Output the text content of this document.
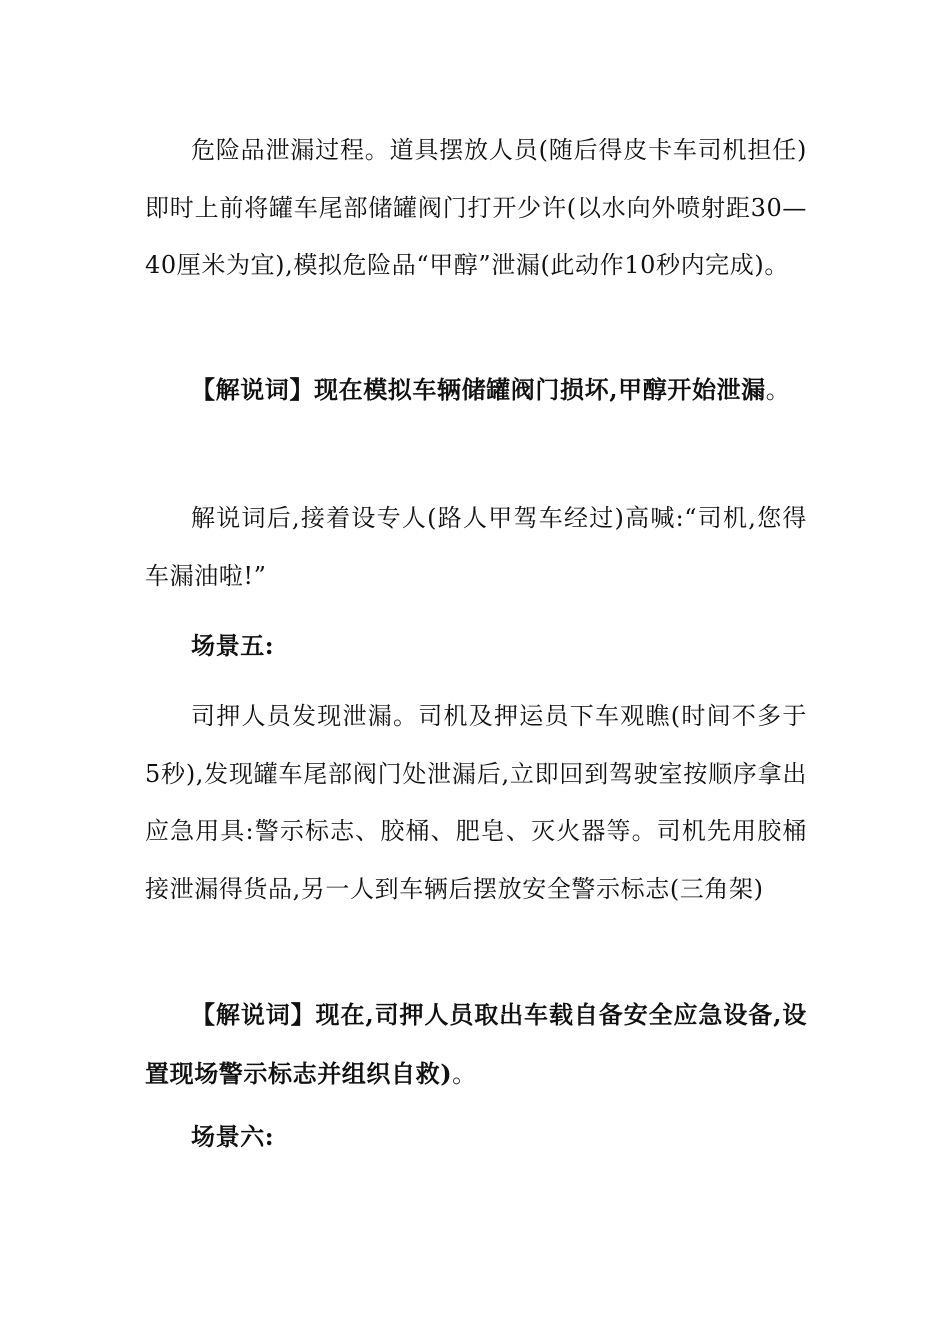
危险品泄漏过程。道具摆放人员(随后得皮卡车司机担任)即时上前将罐车尾部储罐阀门打开少许(以水向外喷射距30—40厘米为宜),模拟危险品“甲醇”泄漏(此动作10秒内完成)。

【解说词】现在模拟车辆储罐阀门损坏,甲醇开始泄漏。

解说词后,接着设专人(路人甲驾车经过)高喊:“司机,您得车漏油啦!”

场景五:

司押人员发现泄漏。司机及押运员下车观瞧(时间不多于5秒),发现罐车尾部阀门处泄漏后,立即回到驾驶室按顺序拿出应急用具:警示标志、胶桶、肥皂、灭火器等。司机先用胶桶接泄漏得货品,另一人到车辆后摆放安全警示标志(三角架)

【解说词】现在,司押人员取出车载自备安全应急设备,设置现场警示标志并组织自救)。

场景六:
